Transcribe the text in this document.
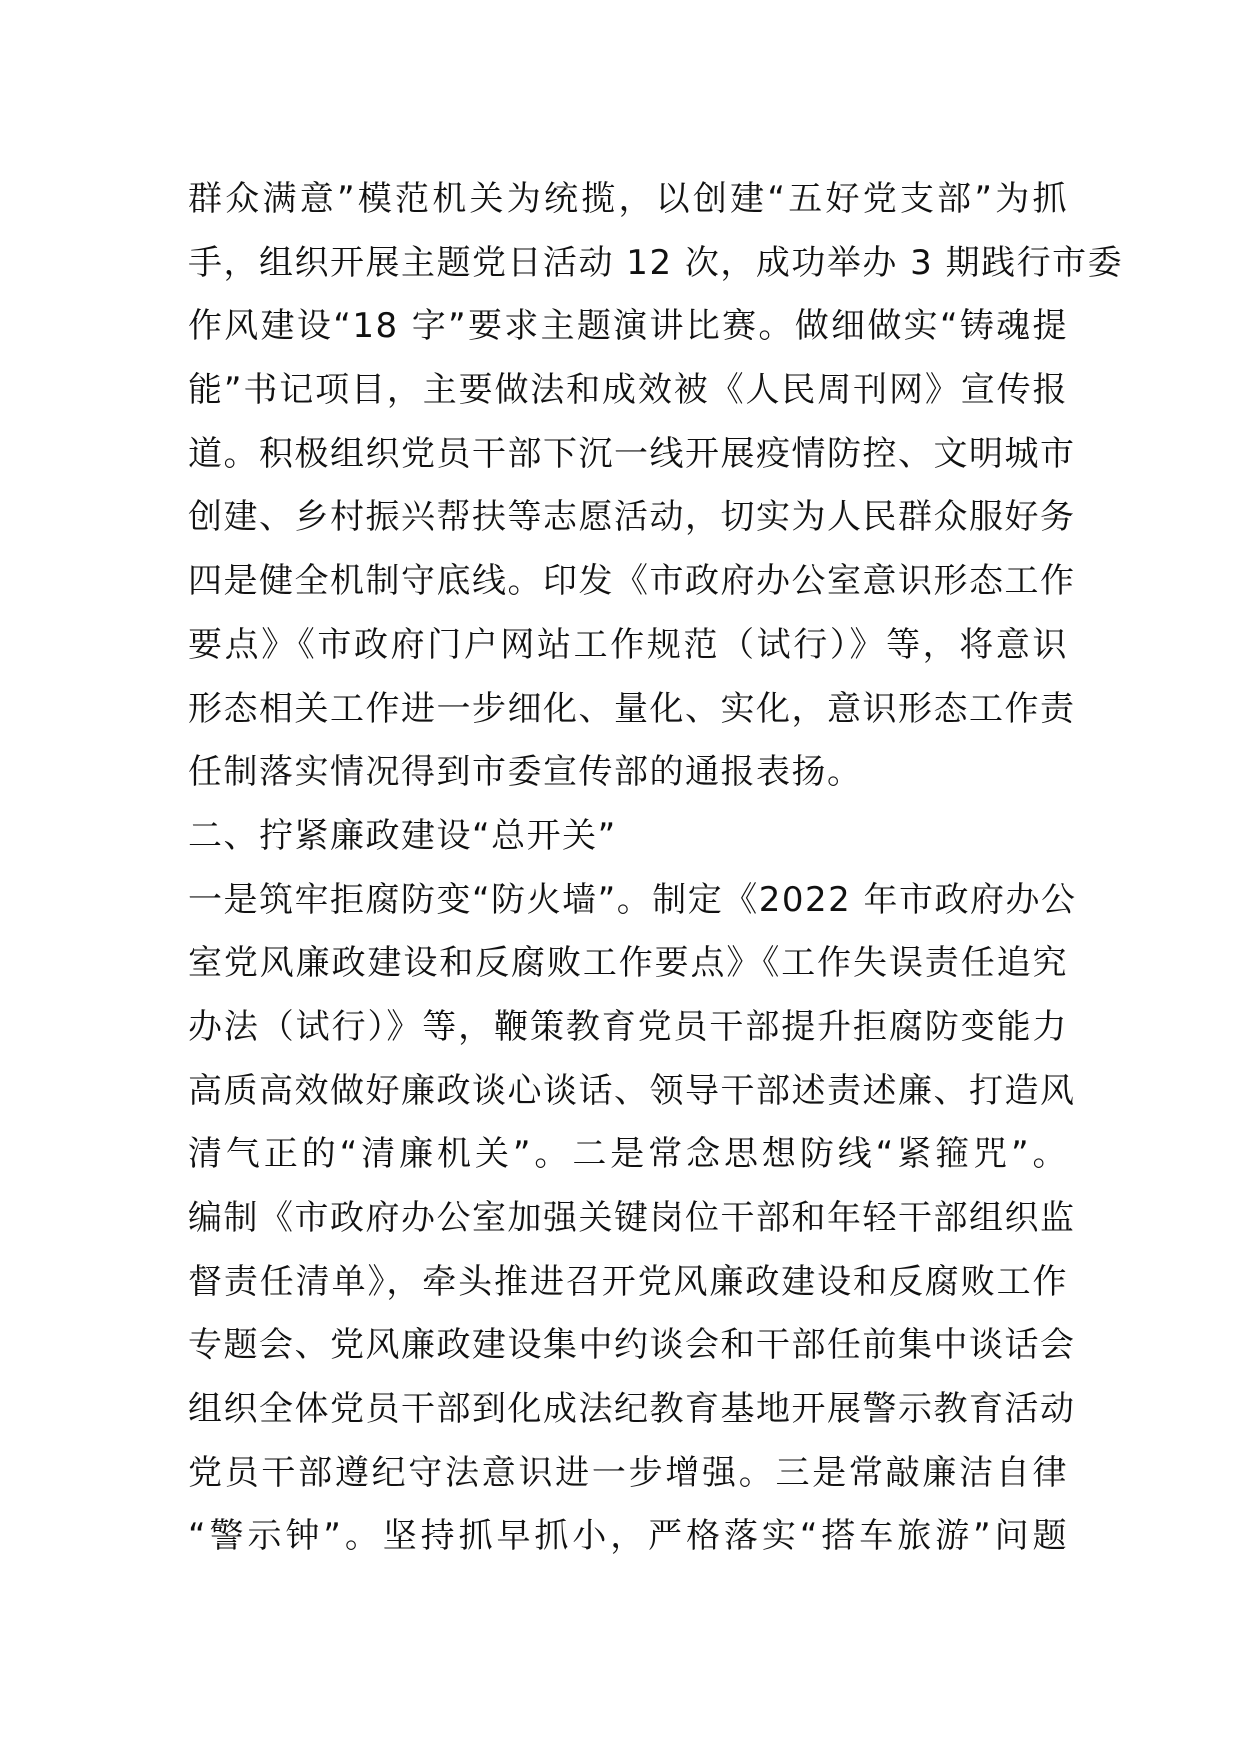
群众满意”模范机关为统揽，以创建“五好党支部”为抓
手，组织开展主题党日活动 12 次，成功举办 3 期践行市委
作风建设“18 字”要求主题演讲比赛。做细做实“铸魂提
能”书记项目，主要做法和成效被《人民周刊网》宣传报
道。积极组织党员干部下沉一线开展疫情防控、文明城市
创建、乡村振兴帮扶等志愿活动，切实为人民群众服好务
四是健全机制守底线。印发《市政府办公室意识形态工作
要点》《市政府门户网站工作规范（试行）》等，将意识
形态相关工作进一步细化、量化、实化，意识形态工作责
任制落实情况得到市委宣传部的通报表扬。
二、拧紧廉政建设“总开关”
一是筑牢拒腐防变“防火墙”。制定《2022 年市政府办公
室党风廉政建设和反腐败工作要点》《工作失误责任追究
办法（试行）》等，鞭策教育党员干部提升拒腐防变能力
高质高效做好廉政谈心谈话、领导干部述责述廉、打造风
清气正的“清廉机关”。二是常念思想防线“紧箍咒”。
编制《市政府办公室加强关键岗位干部和年轻干部组织监
督责任清单》，牵头推进召开党风廉政建设和反腐败工作
专题会、党风廉政建设集中约谈会和干部任前集中谈话会
组织全体党员干部到化成法纪教育基地开展警示教育活动
党员干部遵纪守法意识进一步增强。三是常敲廉洁自律
“警示钟”。坚持抓早抓小，严格落实“搭车旅游”问题
